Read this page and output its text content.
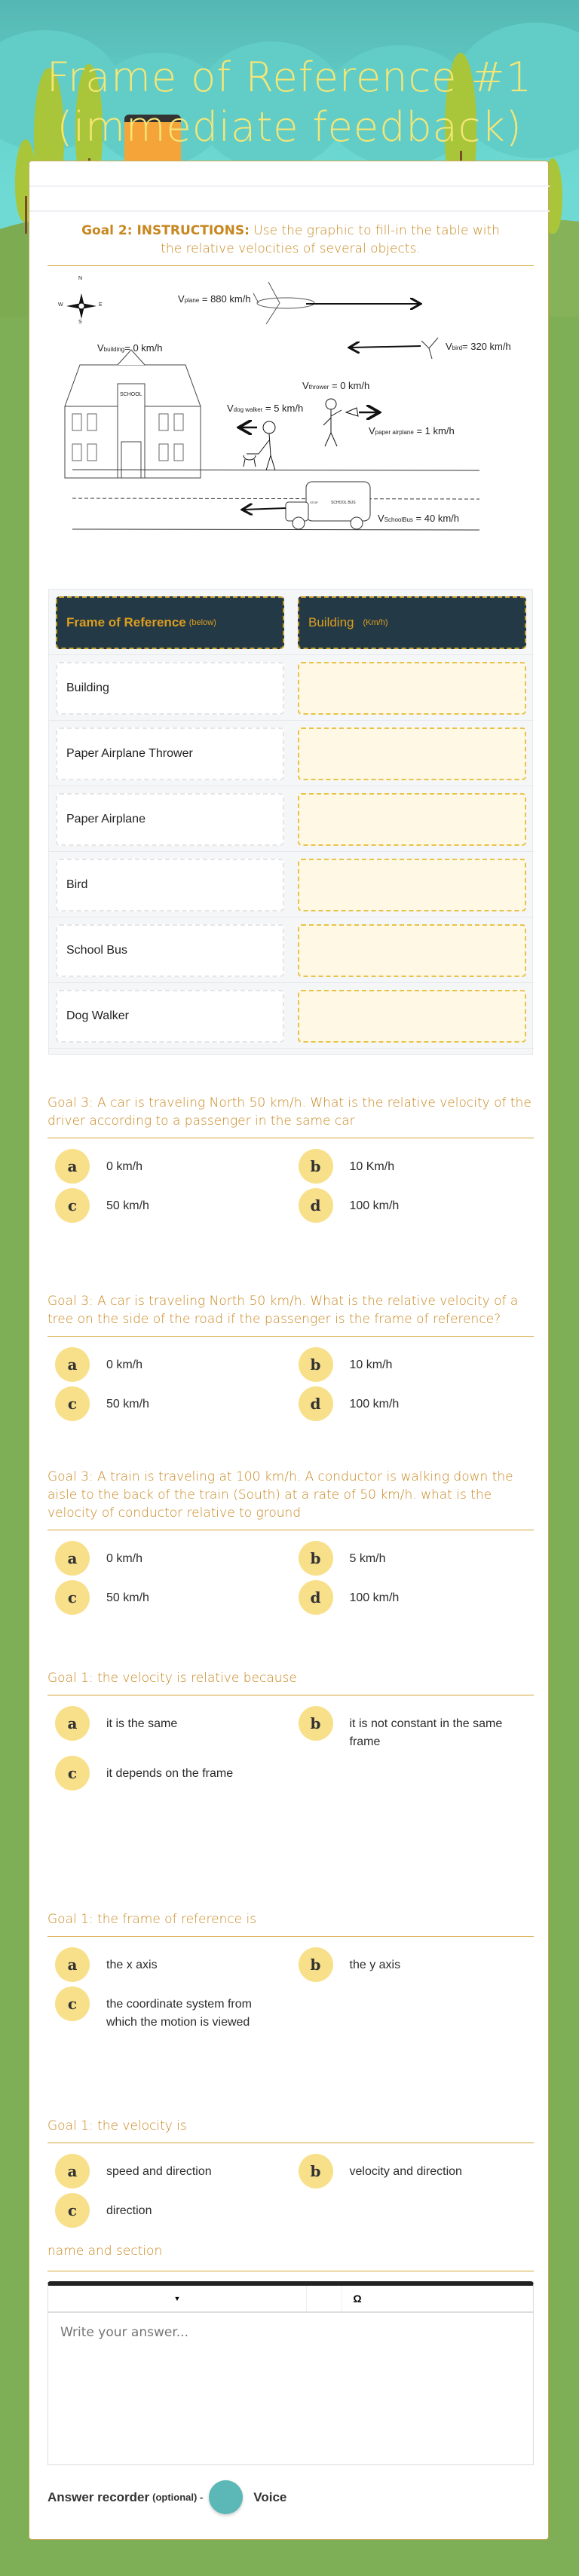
Frame of Reference #1 (immediate feedback)
Goal 2: INSTRUCTIONS: Use the graphic to fill-in the table with the relative velocities of several objects.
N
S
E
W
Vplane = 880 km/h
Vbird= 320 km/h
Vbuilding= 0 km/h
Vthrower = 0 km/h
Vdog walker = 5 km/h
Vpaper airplane = 1 km/h
VSchoolBus = 40 km/h
SCHOOL
SCHOOL BUS
STOP
Frame of Reference (below)	Building (Km/h)
Building
Paper Airplane Thrower
Paper Airplane
Bird
School Bus
Dog Walker
Goal 3: A car is traveling North 50 km/h. What is the relative velocity of the driver according to a passenger in the same car
a	0 km/h	b	10 Km/h
c	50 km/h	d	100 km/h
Goal 3: A car is traveling North 50 km/h. What is the relative velocity of a tree on the side of the road if the passenger is the frame of reference?
a	0 km/h	b	10 km/h
c	50 km/h	d	100 km/h
Goal 3: A train is traveling at 100 km/h. A conductor is walking down the aisle to the back of the train (South) at a rate of 50 km/h. what is the velocity of conductor relative to ground
a	0 km/h	b	5 km/h
c	50 km/h	d	100 km/h
Goal 1: the velocity is relative because
a	it is the same	b	it is not constant in the same frame
c	it depends on the frame
Goal 1: the frame of reference is
a	the x axis	b	the y axis
c	the coordinate system from which the motion is viewed
Goal 1: the velocity is
a	speed and direction	b	velocity and direction
c	direction
name and section
▼	Ω
Write your answer...
Answer recorder (optional) -	Voice
